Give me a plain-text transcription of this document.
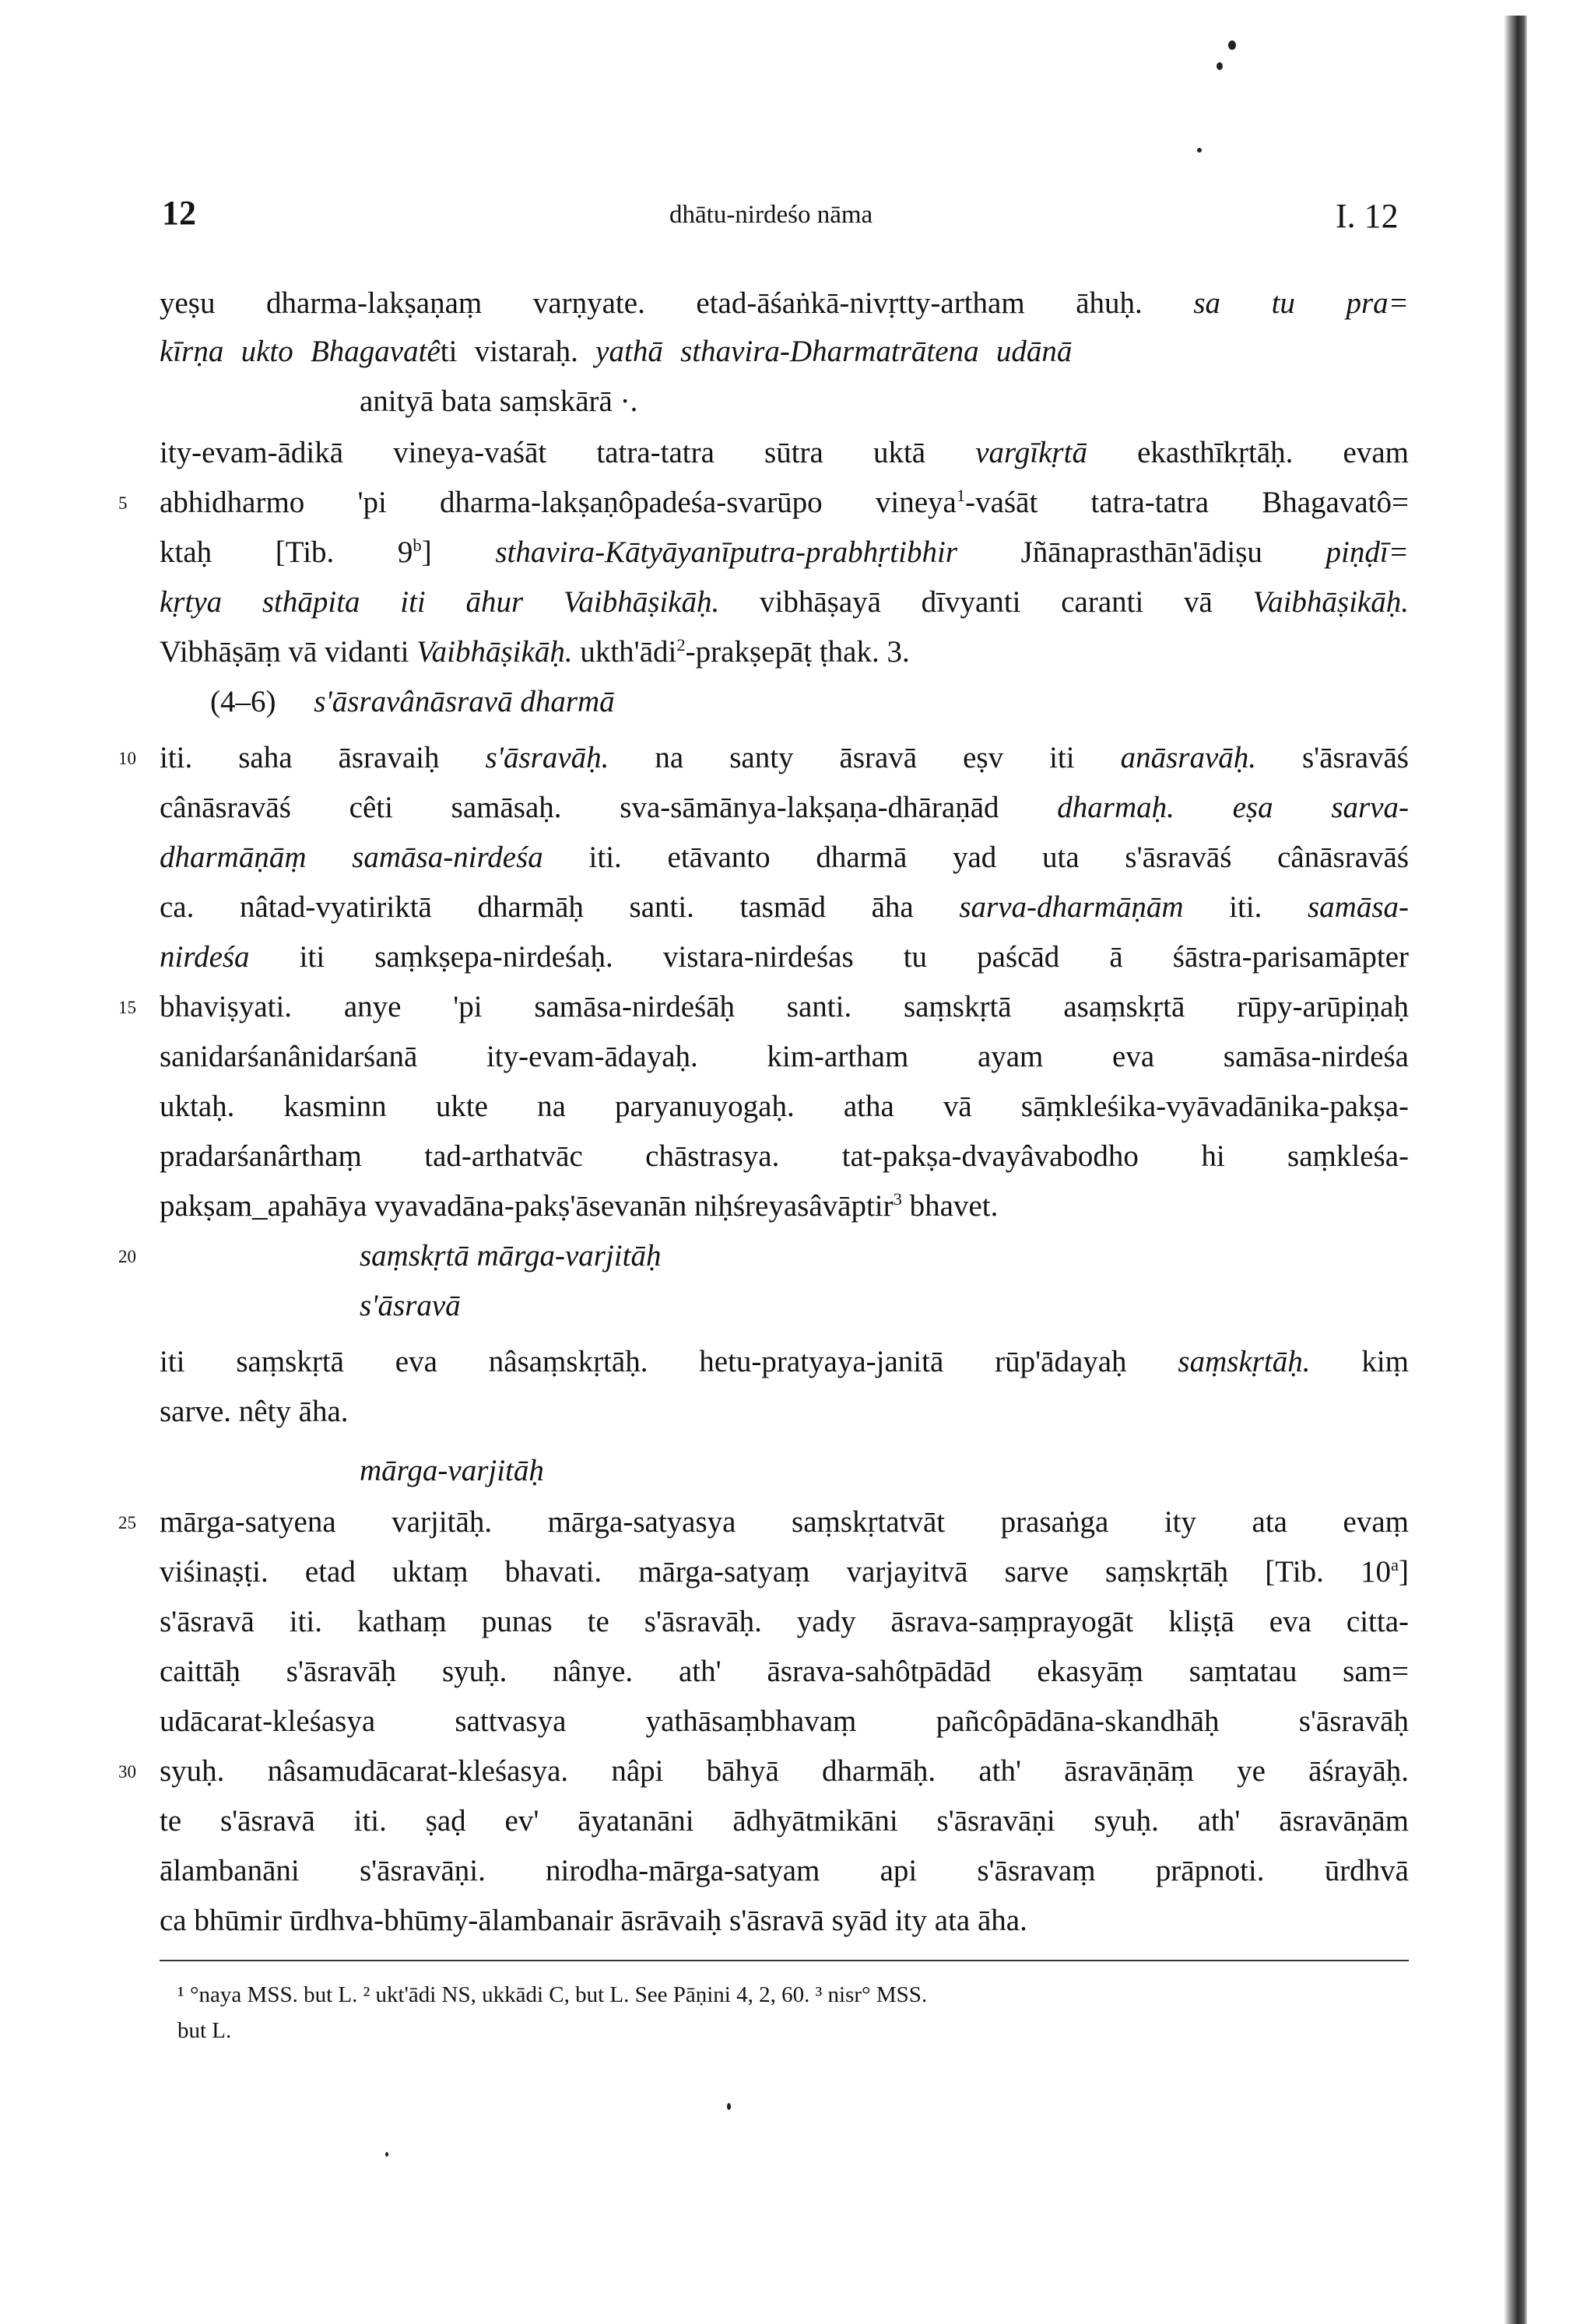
12	dhātu-nirdeśo nāma	I. 12
yeṣu dharma-lakṣaṇaṃ varṇyate. etad-āśaṅkā-nivṛtty-artham āhuḥ. sa tu pra=
kīrṇa ukto Bhagavatêti vistaraḥ. yathā sthavira-Dharmatrātena udānā
anityā bata saṃskārā ·.
ity-evam-ādikā vineya-vaśāt tatra-tatra sūtra uktā vargīkṛtā ekasthīkṛtāḥ. evam
abhidharmo 'pi dharma-lakṣaṇôpadeśa-svarūpo vineya$^1$-vaśāt tatra-tatra Bhagavatô=
ktaḥ [Tib. 9$^b$] sthavira-Kātyāyanīputra-prabhṛtibhir Jñānaprasthān'ādiṣu piṇḍī=
kṛtya sthāpita iti āhur Vaibhāṣikāḥ. vibhāṣayā dīvyanti caranti vā Vaibhāṣikāḥ.
Vibhāṣāṃ vā vidanti Vaibhāṣikāḥ. ukth'ādi$^2$-prakṣepāṭ ṭhak. 3.
(4–6)     s'āsravânāsravā dharmā
iti. saha āsravaiḥ s'āsravāḥ. na santy āsravā eṣv iti anāsravāḥ. s'āsravāś
cânāsravāś cêti samāsaḥ. sva-sāmānya-lakṣaṇa-dhāraṇād dharmaḥ. eṣa sarva-
dharmāṇāṃ samāsa-nirdeśa iti. etāvanto dharmā yad uta s'āsravāś cânāsravāś
ca. nâtad-vyatiriktā dharmāḥ santi. tasmād āha sarva-dharmāṇām iti. samāsa-
nirdeśa iti saṃkṣepa-nirdeśaḥ. vistara-nirdeśas tu paścād ā śāstra-parisamāpter
bhaviṣyati. anye 'pi samāsa-nirdeśāḥ santi. saṃskṛtā asaṃskṛtā rūpy-arūpiṇaḥ
sanidarśanânidarśanā ity-evam-ādayaḥ. kim-artham ayam eva samāsa-nirdeśa
uktaḥ. kasminn ukte na paryanuyogaḥ. atha vā sāṃkleśika-vyāvadānika-pakṣa-
pradarśanârthaṃ tad-arthatvāc chāstrasya. tat-pakṣa-dvayâvabodho hi saṃkleśa-
pakṣam_apahāya vyavadāna-pakṣ'āsevanān niḥśreyasâvāptir$^3$ bhavet.
saṃskṛtā mārga-varjitāḥ
s'āsravā
iti saṃskṛtā eva nâsaṃskṛtāḥ. hetu-pratyaya-janitā rūp'ādayaḥ saṃskṛtāḥ. kiṃ
sarve. nêty āha.
mārga-varjitāḥ
mārga-satyena varjitāḥ. mārga-satyasya saṃskṛtatvāt prasaṅga ity ata evaṃ
viśinaṣṭi. etad uktaṃ bhavati. mārga-satyaṃ varjayitvā sarve saṃskṛtāḥ [Tib. 10$^a$]
s'āsravā iti. kathaṃ punas te s'āsravāḥ. yady āsrava-saṃprayogāt kliṣṭā eva citta-
caittāḥ s'āsravāḥ syuḥ. nânye. ath' āsrava-sahôtpādād ekasyāṃ saṃtatau sam=
udācarat-kleśasya sattvasya yathāsaṃbhavaṃ pañcôpādāna-skandhāḥ s'āsravāḥ
syuḥ. nâsamudācarat-kleśasya. nâpi bāhyā dharmāḥ. ath' āsravāṇāṃ ye āśrayāḥ.
te s'āsravā iti. ṣaḍ ev' āyatanāni ādhyātmikāni s'āsravāṇi syuḥ. ath' āsravāṇām
ālambanāni s'āsravāṇi. nirodha-mārga-satyam api s'āsravaṃ prāpnoti. ūrdhvā
ca bhūmir ūrdhva-bhūmy-ālambanair āsrāvaiḥ s'āsravā syād ity ata āha.
5
10
15
20
25
30
¹ °naya MSS. but L. ² ukt'ādi NS, ukkādi C, but L. See Pāṇini 4, 2, 60. ³ nisr° MSS.
but L.
